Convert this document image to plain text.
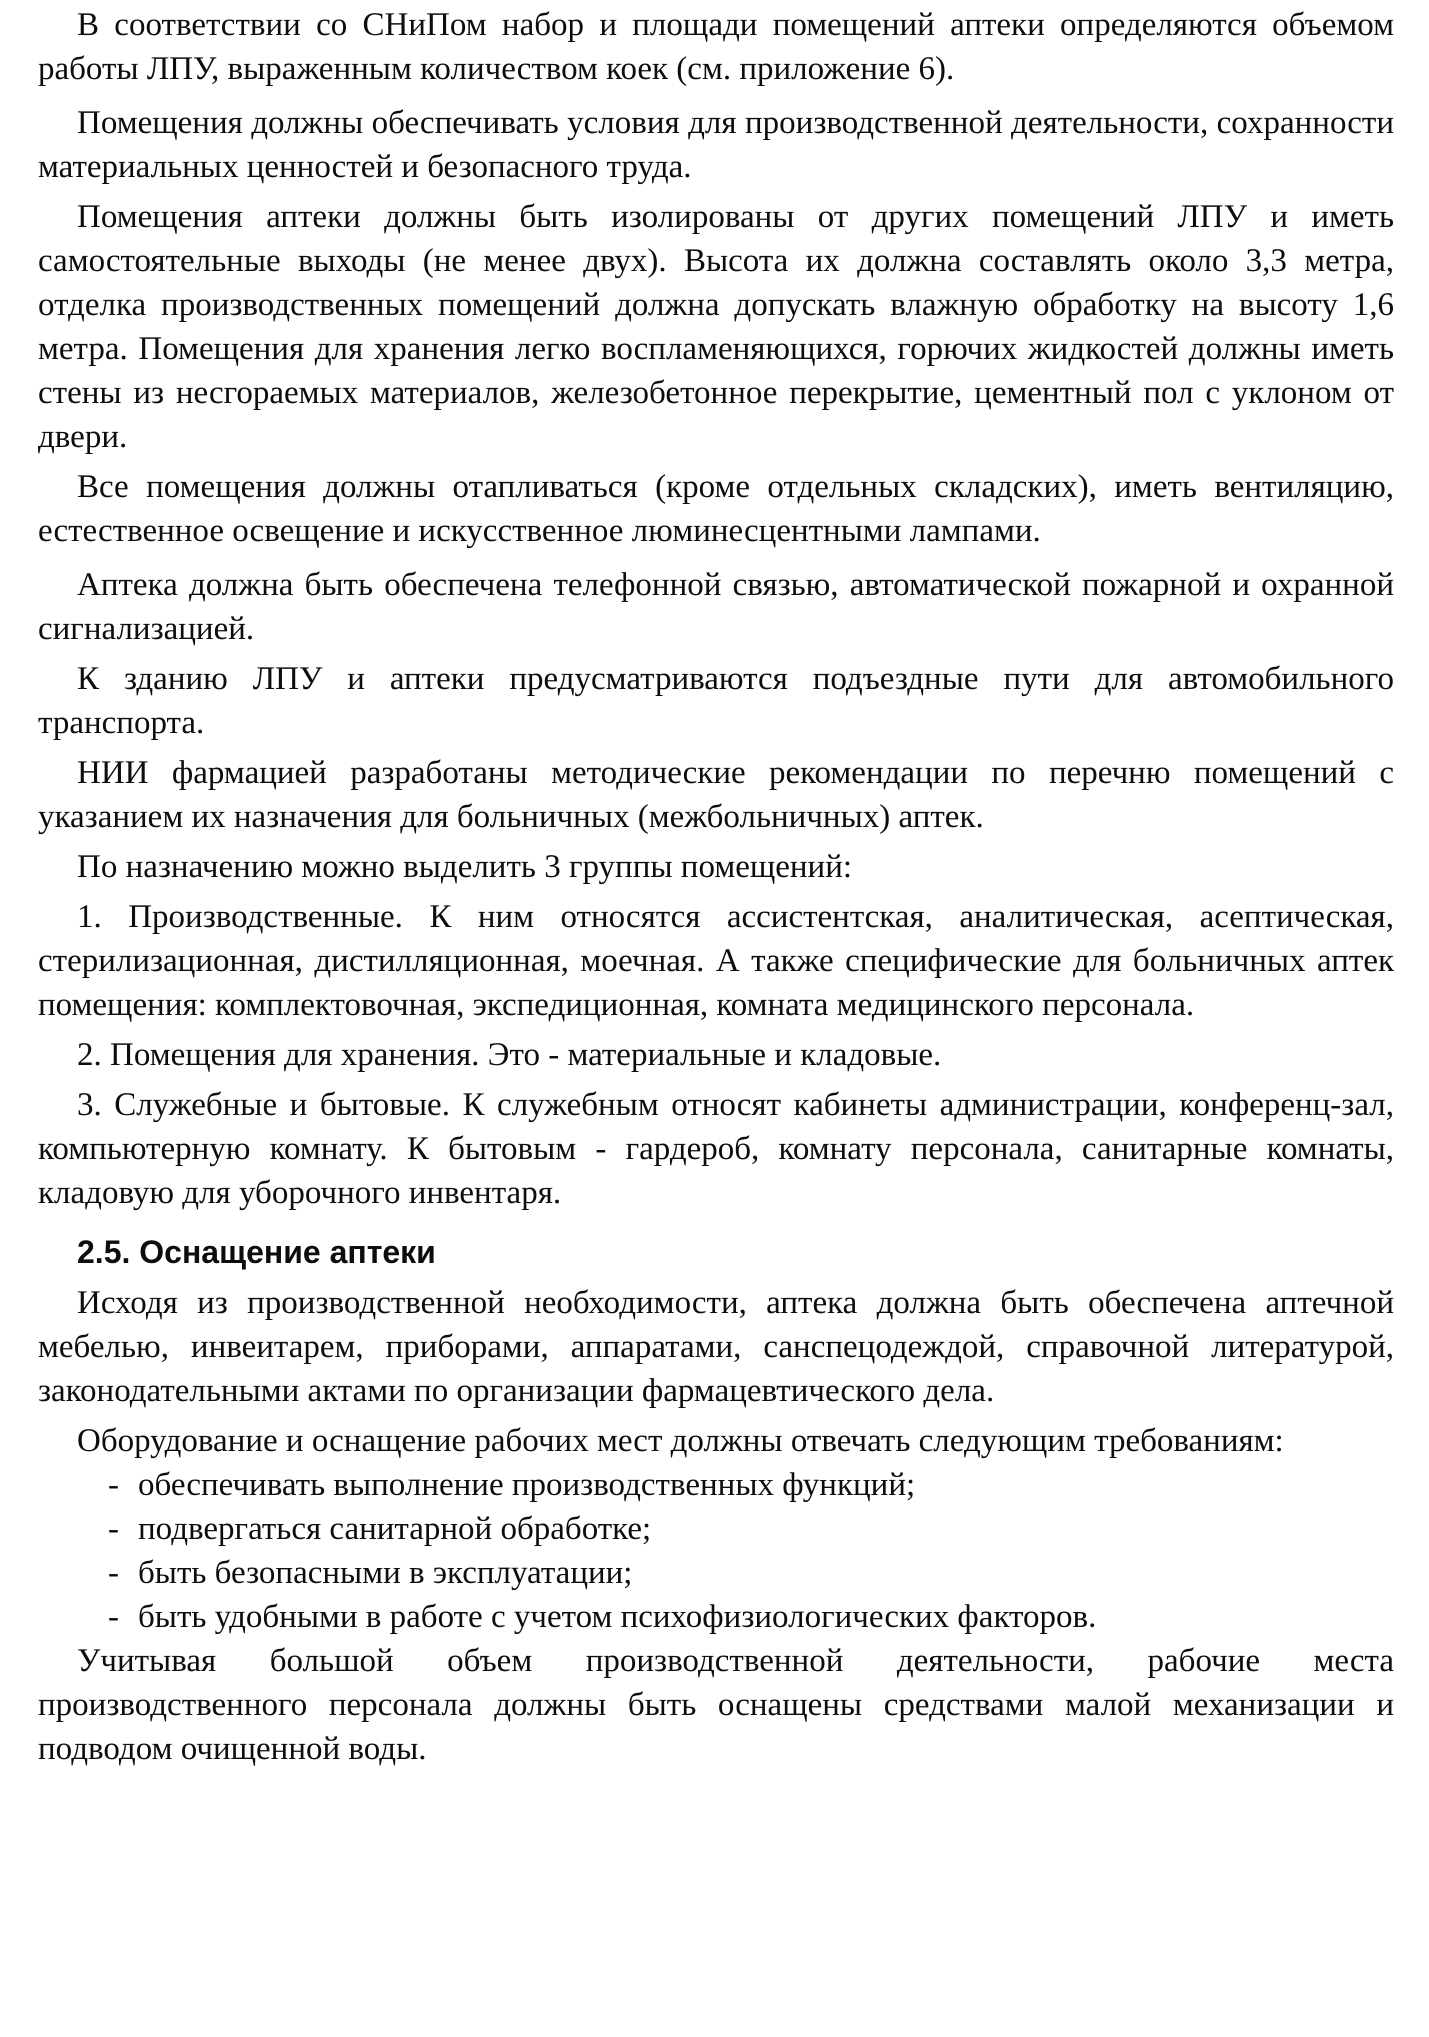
В соответствии со СНиПом набор и площади помещений аптеки определяются объемом работы ЛПУ, выраженным количеством коек (см. приложение 6).

Помещения должны обеспечивать условия для производственной деятельности, сохранности материальных ценностей и безопасного труда.

Помещения аптеки должны быть изолированы от других помещений ЛПУ и иметь самостоятельные выходы (не менее двух). Высота их должна составлять около 3,3 метра, отделка производственных помещений должна допускать влажную обработку на высоту 1,6 метра. Помещения для хранения легко воспламеняющихся, горючих жидкостей должны иметь стены из несгораемых материалов, железобетонное перекрытие, цементный пол с уклоном от двери.

Все помещения должны отапливаться (кроме отдельных складских), иметь вентиляцию, естественное освещение и искусственное люминесцентными лампами.

Аптека должна быть обеспечена телефонной связью, автоматической пожарной и охранной сигнализацией.

К зданию ЛПУ и аптеки предусматриваются подъездные пути для автомобильного транспорта.

НИИ фармацией разработаны методические рекомендации по перечню помещений с указанием их назначения для больничных (межбольничных) аптек.

По назначению можно выделить 3 группы помещений:

1. Производственные. К ним относятся ассистентская, аналитическая, асептическая, стерилизационная, дистилляционная, моечная. А также специфические для больничных аптек помещения: комплектовочная, экспедиционная, комната медицинского персонала.

2. Помещения для хранения. Это - материальные и кладовые.

3. Служебные и бытовые. К служебным относят кабинеты администрации, конференц-зал, компьютерную комнату. К бытовым - гардероб, комнату персонала, санитарные комнаты, кладовую для уборочного инвентаря.

2.5. Оснащение аптеки

Исходя из производственной необходимости, аптека должна быть обеспечена аптечной мебелью, инвеитарем, приборами, аппаратами, санспецодеждой, справочной литературой, законодательными актами по организации фармацевтического дела.

Оборудование и оснащение рабочих мест должны отвечать следующим требованиям:

- обеспечивать выполнение производственных функций;
- подвергаться санитарной обработке;
- быть безопасными в эксплуатации;
- быть удобными в работе с учетом психофизиологических факторов.

Учитывая большой объем производственной деятельности, рабочие места производственного персонала должны быть оснащены средствами малой механизации и подводом очищенной воды.
